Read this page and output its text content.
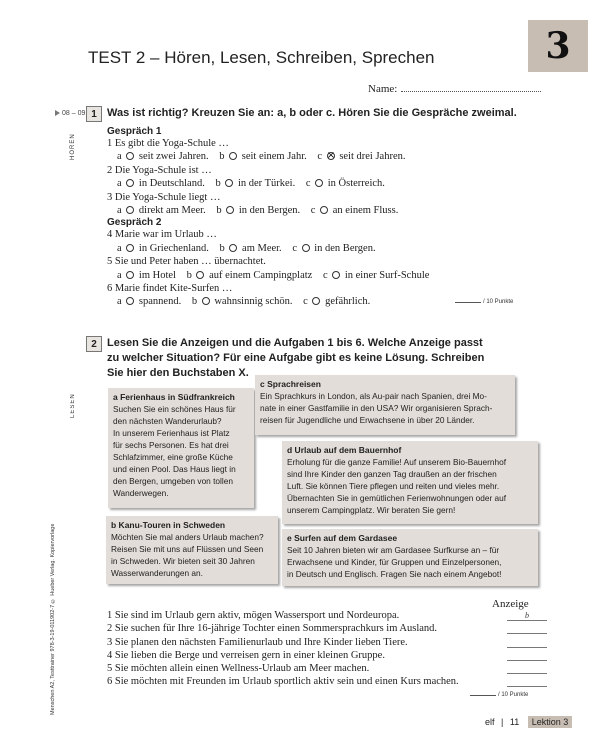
3
TEST 2 – Hören, Lesen, Schreiben, Sprechen
Name:
08 – 09 1 Was ist richtig? Kreuzen Sie an: a, b oder c. Hören Sie die Gespräche zweimal.
HÖREN
Gespräch 1
1 Es gibt die Yoga-Schule …
a  seit zwei Jahren. b  seit einem Jahr. c × seit drei Jahren.
2 Die Yoga-Schule ist …
a  in Deutschland. b  in der Türkei. c  in Österreich.
3 Die Yoga-Schule liegt …
a  direkt am Meer. b  in den Bergen. c  an einem Fluss.
Gespräch 2
4 Marie war im Urlaub …
a  in Griechenland. b  am Meer. c  in den Bergen.
5 Sie und Peter haben … übernachtet.
a  im Hotel b  auf einem Campingplatz c  in einer Surf-Schule
6 Marie findet Kite-Surfen …
a  spannend. b  wahnsinnig schön. c  gefährlich.	/ 10 Punkte
2 Lesen Sie die Anzeigen und die Aufgaben 1 bis 6. Welche Anzeige passt
zu welcher Situation? Für eine Aufgabe gibt es keine Lösung. Schreiben
Sie hier den Buchstaben X.
LESEN	a Ferienhaus in Südfrankreich
Suchen Sie ein schönes Haus für
den nächsten Wanderurlaub?
In unserem Ferienhaus ist Platz
für sechs Personen. Es hat drei
Schlafzimmer, eine große Küche
und einen Pool. Das Haus liegt in
den Bergen, umgeben von tollen
Wanderwegen.
c Sprachreisen
Ein Sprachkurs in London, als Au-pair nach Spanien, drei Mo-
nate in einer Gastfamilie in den USA? Wir organisieren Sprach-
reisen für Jugendliche und Erwachsene in über 20 Länder.
d Urlaub auf dem Bauernhof
Erholung für die ganze Familie! Auf unserem Bio-Bauernhof
sind Ihre Kinder den ganzen Tag draußen an der frischen
Luft. Sie können Tiere pflegen und reiten und vieles mehr.
Übernachten Sie in gemütlichen Ferienwohnungen oder auf
unserem Campingplatz. Wir beraten Sie gern!
b Kanu-Touren in Schweden
Möchten Sie mal anders Urlaub machen?
Reisen Sie mit uns auf Flüssen und Seen
in Schweden. Wir bieten seit 30 Jahren
Wasserwanderungen an.
e Surfen auf dem Gardasee
Seit 10 Jahren bieten wir am Gardasee Surfkurse an – für
Erwachsene und Kinder, für Gruppen und Einzelpersonen,
in Deutsch und Englisch. Fragen Sie nach einem Angebot!
Anzeige
1 Sie sind im Urlaub gern aktiv, mögen Wassersport und Nordeuropa.	b
2 Sie suchen für Ihre 16-jährige Tochter einen Sommersprachkurs im Ausland.
3 Sie planen den nächsten Familienurlaub und Ihre Kinder lieben Tiere.
4 Sie lieben die Berge und verreisen gern in einer kleinen Gruppe.
5 Sie möchten allein einen Wellness-Urlaub am Meer machen.
6 Sie möchten mit Freunden im Urlaub sportlich aktiv sein und einen Kurs machen.
/ 10 Punkte
Menschen A2, Testtrainer 978-3-19-011902-7 © Hueber Verlag. Kopiervorlage
elf | 11 Lektion 3
